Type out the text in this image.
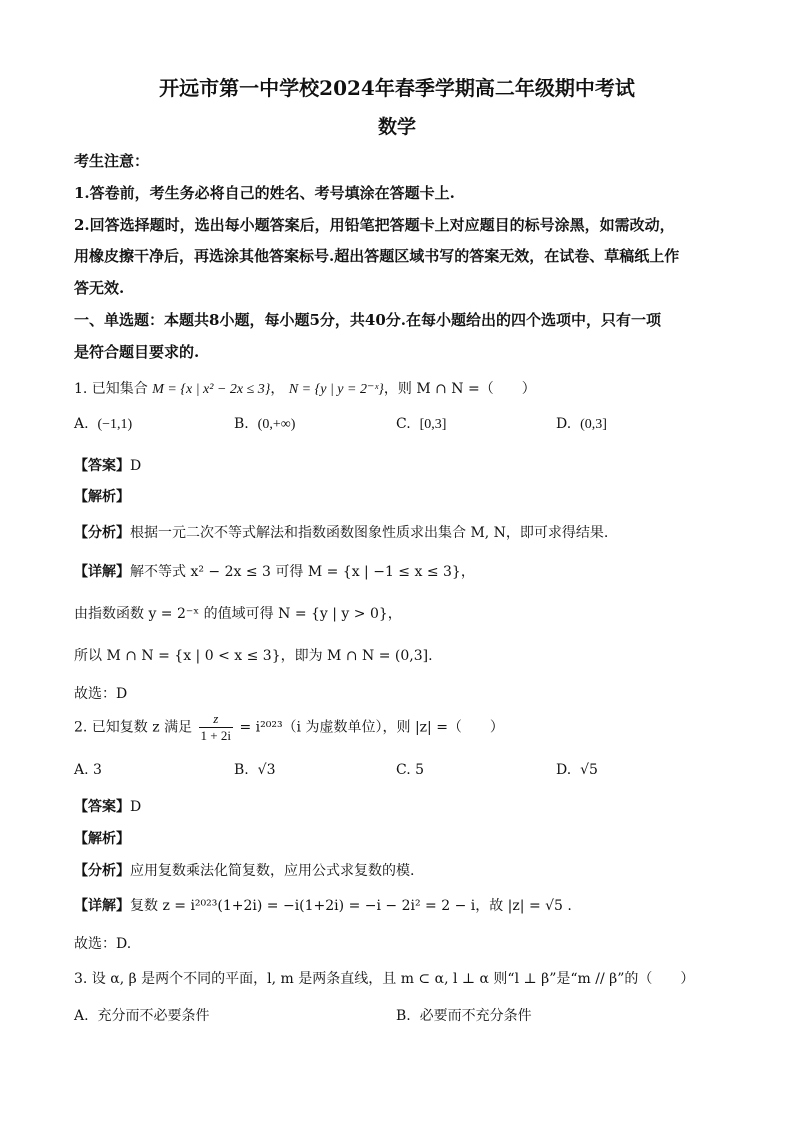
开远市第一中学校2024年春季学期高二年级期中考试
数学
考生注意：
1.答卷前，考生务必将自己的姓名、考号填涂在答题卡上.
2.回答选择题时，选出每小题答案后，用铅笔把答题卡上对应题目的标号涂黑，如需改动，
用橡皮擦干净后，再选涂其他答案标号.超出答题区域书写的答案无效，在试卷、草稿纸上作
答无效.
一、单选题：本题共8小题，每小题5分，共40分.在每小题给出的四个选项中，只有一项
是符合题目要求的.
1. 已知集合 M = {x | x² − 2x ≤ 3}， N = {y | y = 2⁻ˣ}，则 M ∩ N =（　　）
A. (−1,1)	B. (0,+∞)	C. [0,3]	D. (0,3]
【答案】D
【解析】
【分析】根据一元二次不等式解法和指数函数图象性质求出集合 M, N，即可求得结果.
【详解】解不等式 x² − 2x ≤ 3 可得 M = {x | −1 ≤ x ≤ 3}，
由指数函数 y = 2⁻ˣ 的值域可得 N = {y | y > 0}，
所以 M ∩ N = {x | 0 < x ≤ 3}，即为 M ∩ N = (0,3].
故选：D
2. 已知复数 z 满足 $\frac{z}{1 + 2i} = i^{2023}(i$ 为虚数单位），则 |z| =（　　）
A. 3	B. √3	C. 5	D. √5
【答案】D
【解析】
【分析】应用复数乘法化简复数，应用公式求复数的模.
【详解】复数 z = i²⁰²³(1+2i) = −i(1+2i) = −i − 2i² = 2 − i，故 |z| = √5 .
故选：D.
3. 设 α, β 是两个不同的平面，l, m 是两条直线，且 m ⊂ α, l ⊥ α 则“l ⊥ β”是“m // β”的（　　）
A. 充分而不必要条件	B. 必要而不充分条件
